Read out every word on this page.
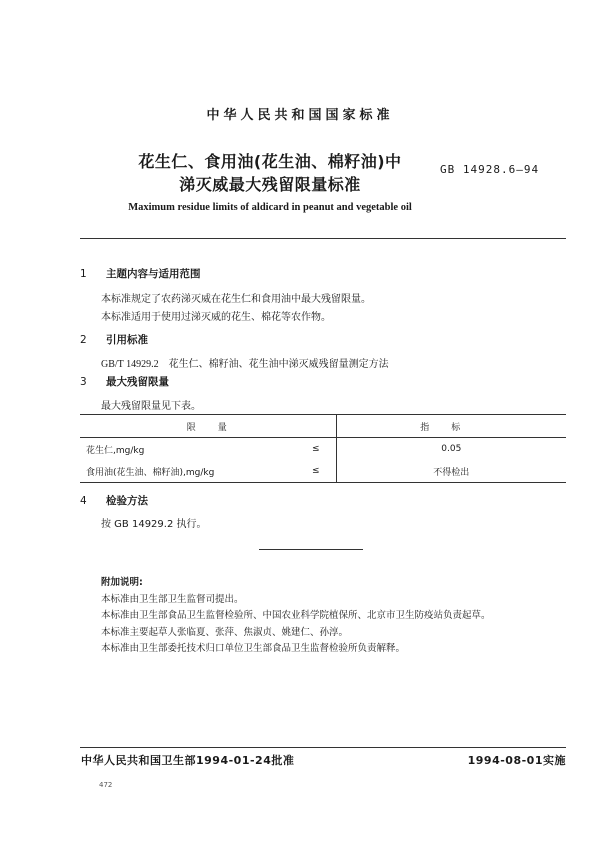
中华人民共和国国家标准
花生仁、食用油(花生油、棉籽油)中
涕灭威最大残留限量标准
GB 14928.6—94
Maximum residue limits of aldicard in peanut and vegetable oil
1 主题内容与适用范围
本标准规定了农药涕灭威在花生仁和食用油中最大残留限量。
本标准适用于使用过涕灭威的花生、棉花等农作物。
2 引用标准
GB/T 14929.2　花生仁、棉籽油、花生油中涕灭威残留量测定方法
3 最大残留限量
最大残留限量见下表。
限量		指标
花生仁,mg/kg	≤	0.05
食用油(花生油、棉籽油),mg/kg	≤	不得检出
4 检验方法
按 GB 14929.2 执行。
附加说明:
本标准由卫生部卫生监督司提出。
本标准由卫生部食品卫生监督检验所、中国农业科学院植保所、北京市卫生防疫站负责起草。
本标准主要起草人张临夏、张萍、焦淑贞、姚建仁、孙淳。
本标准由卫生部委托技术归口单位卫生部食品卫生监督检验所负责解释。
中华人民共和国卫生部1994-01-24批准	1994-08-01实施
472
